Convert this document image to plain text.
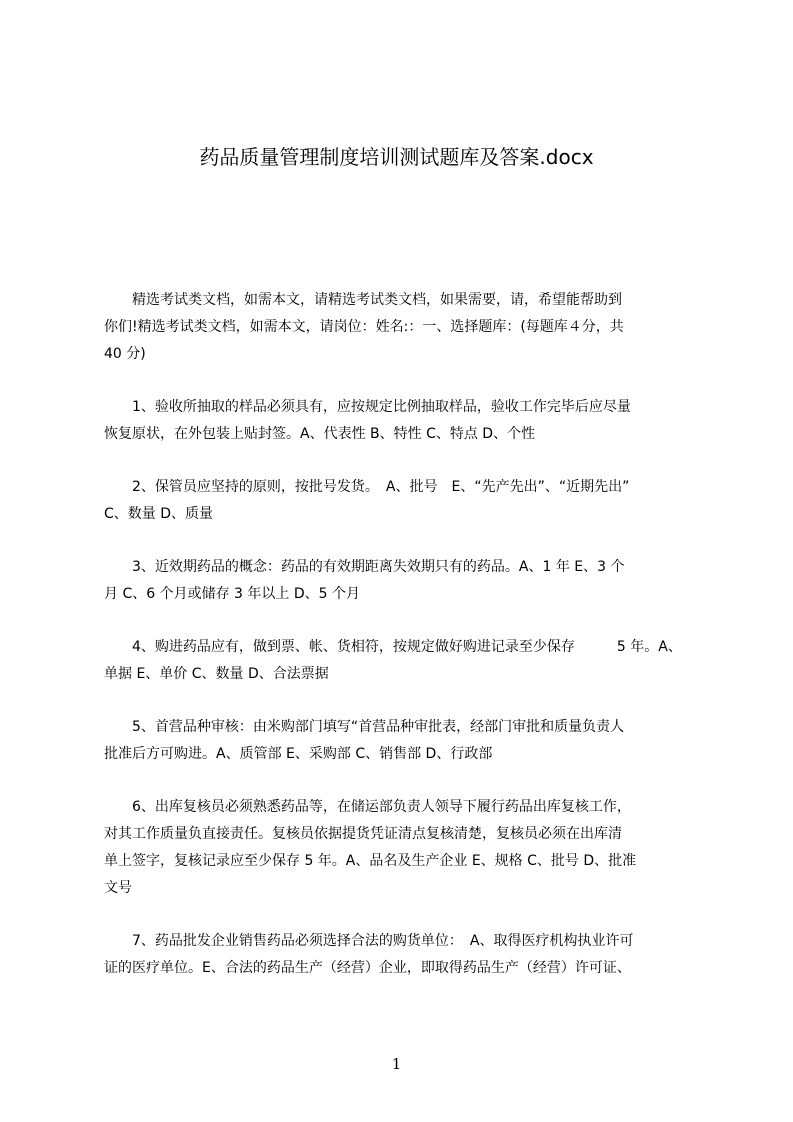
药品质量管理制度培训测试题库及答案.docx
　　精选考试类文档，如需本文，请精选考试类文档，如果需要，请，希望能帮助到
你们!精选考试类文档，如需本文，请岗位：姓名:：一、选择题库：(每题库４分，共
40 分)
　　1、验收所抽取的样品必须具有，应按规定比例抽取样品，验收工作完毕后应尽量
恢复原状，在外包装上贴封签。A、代表性 B、特性 C、特点 D、个性
　　2、保管员应坚持的原则，按批号发货。　A、批号　E、“先产先出”、“近期先出”
C、数量 D、质量
　　3、近效期药品的概念：药品的有效期距离失效期只有的药品。A、1 年 E、3 个
月 C、6 个月或储存 3 年以上 D、5 个月
　　4、购进药品应有，做到票、帐、货相符，按规定做好购进记录至少保存　　　5 年。A、
单据 E、单价 C、数量 D、合法票据
　　5、首营品种审核：由米购部门填写“首营品种审批表，经部门审批和质量负责人
批准后方可购进。A、质管部 E、采购部 C、销售部 D、行政部
　　6、出库复核员必须熟悉药品等，在储运部负责人领导下履行药品出库复核工作，
对其工作质量负直接责任。复核员依据提货凭证清点复核清楚，复核员必须在出库清
单上签字，复核记录应至少保存 5 年。A、品名及生产企业 E、规格 C、批号 D、批准
文号
　　7、药品批发企业销售药品必须选择合法的购货单位：　A、取得医疗机构执业许可
证的医疗单位。E、合法的药品生产（经营）企业，即取得药品生产（经营）许可证、
1
